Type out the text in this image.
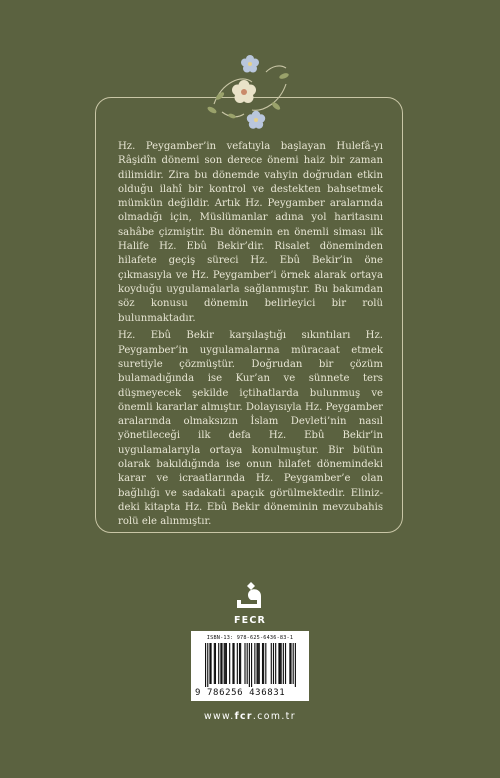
Hz. Peygamber’in vefatıyla başlayan Hulefâ-yı Râşidîn dönemi son derece önemi haiz bir zaman dilimidir. Zira bu dönemde vahyin doğrudan etkin olduğu ilahî bir kontrol ve destekten bahsetmek mümkün değildir. Artık Hz. Peygamber aralarında olmadığı için, Müslümanlar adına yol haritasını sahâbe çizmiştir. Bu dönemin en önemli siması ilk Halife Hz. Ebû Bekir’dir. Risalet döneminden hilafete geçiş süreci Hz. Ebû Bekir’in öne çıkmasıyla ve Hz. Peygamber’i örnek alarak ortaya koyduğu uygulamalarla sağlanmıştır. Bu bakımdan söz konusu dönemin belirleyici bir rolü bulunmaktadır.

Hz. Ebû Bekir karşılaştığı sıkıntıları Hz. Peygamber’in uygulamalarına müracaat etmek suretiyle çözmüştür. Doğrudan bir çözüm bulamadığında ise Kur’an ve sünnete ters düşmeyecek şekilde içtihatlarda bulunmuş ve önemli kararlar almıştır. Dolayısıyla Hz. Peygamber aralarında olmaksızın İslam Devleti’nin nasıl yönetileceği ilk defa Hz. Ebû Bekir’in uygulamalarıyla ortaya konulmuştur. Bir bütün olarak bakıldığında ise onun hilafet dönemindeki karar ve icraatlarında Hz. Peygamber’e olan bağlılığı ve sadakati apaçık görülmektedir. Elinizdeki kitapta Hz. Ebû Bekir döneminin mevzubahis rolü ele alınmıştır.

FECR
ISBN-13: 978-625-6436-83-1
9 786256 436831
www.fcr.com.tr
